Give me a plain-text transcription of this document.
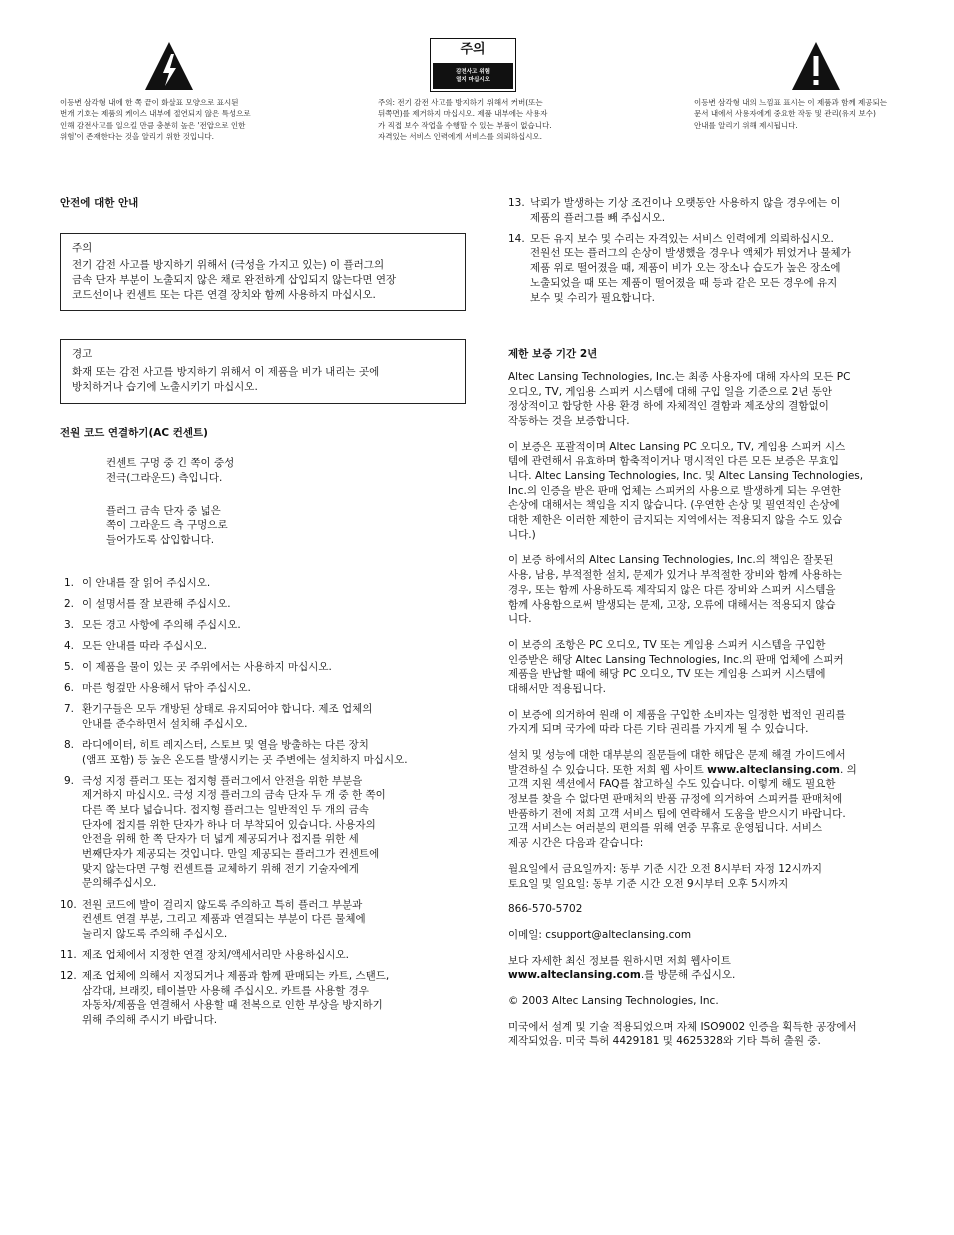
이등변 삼각형 내에 한 쪽 끝이 화살표 모양으로 표시된
번개 기호는 제품의 케이스 내부에 절연되지 않은 특성으로
인해 감전사고를 일으킬 만큼 충분히 높은 '전압으로 인한
위험'이 존재한다는 것을 알리기 위한 것입니다.
주의
감전사고 위험
열지 마십시오
주의: 전기 감전 사고를 방지하기 위해서 커버(또는
뒤쪽면)를 제거하지 마십시오. 제품 내부에는 사용자
가 직접 보수 작업을 수행할 수 있는 부품이 없습니다.
자격있는 서비스 인력에게 서비스를 의뢰하십시오.
이등변 삼각형 내의 느낌표 표시는 이 제품과 함께 제공되는
문서 내에서 사용자에게 중요한 작동 및 관리(유지 보수)
안내를 알리기 위해 제시됩니다.
안전에 대한 안내
주의
전기 감전 사고를 방지하기 위해서 (극성을 가지고 있는) 이 플러그의
금속 단자 부분이 노출되지 않은 채로 완전하게 삽입되지 않는다면 연장
코드선이나 컨센트 또는 다른 연결 장치와 함께 사용하지 마십시오.
경고
화재 또는 감전 사고를 방지하기 위해서 이 제품을 비가 내리는 곳에
방치하거나 습기에 노출시키기 마십시오.
전원 코드 연결하기(AC 컨센트)
컨센트 구멍 중 긴 쪽이 중성
전극(그라운드) 측입니다.
플러그 금속 단자 중 넓은
쪽이 그라운드 측 구멍으로
들어가도록 삽입합니다.
1. 이 안내를 잘 읽어 주십시오.
2. 이 설명서를 잘 보관해 주십시오.
3. 모든 경고 사항에 주의해 주십시오.
4. 모든 안내를 따라 주십시오.
5. 이 제품을 물이 있는 곳 주위에서는 사용하지 마십시오.
6. 마른 헝겊만 사용해서 닦아 주십시오.
7. 환기구들은 모두 개방된 상태로 유지되어야 합니다. 제조 업체의
안내를 준수하면서 설치해 주십시오.
8. 라디에이터, 히트 레지스터, 스토브 및 열을 방출하는 다른 장치
(앰프 포함) 등 높은 온도를 발생시키는 곳 주변에는 설치하지 마십시오.
9. 극성 지정 플러그 또는 접지형 플러그에서 안전을 위한 부분을
제거하지 마십시오. 극성 지정 플러그의 금속 단자 두 개 중 한 쪽이
다른 쪽 보다 넓습니다. 접지형 플러그는 일반적인 두 개의 금속
단자에 접지를 위한 단자가 하나 더 부착되어 있습니다. 사용자의
안전을 위해 한 쪽 단자가 더 넓게 제공되거나 접지를 위한 세
번째단자가 제공되는 것입니다. 만일 제공되는 플러그가 컨센트에
맞지 않는다면 구형 컨센트를 교체하기 위해 전기 기술자에게
문의해주십시오.
10. 전원 코드에 발이 걸리지 않도록 주의하고 특히 플러그 부분과
컨센트 연결 부분, 그리고 제품과 연결되는 부분이 다른 물체에
눌리지 않도록 주의해 주십시오.
11. 제조 업체에서 지정한 연결 장치/액세서리만 사용하십시오.
12. 제조 업체에 의해서 지정되거나 제품과 함께 판매되는 카트, 스탠드,
삼각대, 브래킷, 테이블만 사용해 주십시오. 카트를 사용할 경우
자동차/제품을 연결해서 사용할 때 전복으로 인한 부상을 방지하기
위해 주의해 주시기 바랍니다.
13. 낙뢰가 발생하는 기상 조건이나 오랫동안 사용하지 않을 경우에는 이
제품의 플러그를 빼 주십시오.
14. 모든 유지 보수 및 수리는 자격있는 서비스 인력에게 의뢰하십시오.
전원선 또는 플러그의 손상이 발생했을 경우나 액체가 튀었거나 물체가
제품 위로 떨어졌을 때, 제품이 비가 오는 장소나 습도가 높은 장소에
노출되었을 때 또는 제품이 떨어졌을 때 등과 같은 모든 경우에 유지
보수 및 수리가 필요합니다.
제한 보증 기간 2년
Altec Lansing Technologies, Inc.는 최종 사용자에 대해 자사의 모든 PC
오디오, TV, 게임용 스피커 시스템에 대해 구입 일을 기준으로 2년 동안
정상적이고 합당한 사용 환경 하에 자체적인 결함과 제조상의 결함없이
작동하는 것을 보증합니다.
이 보증은 포괄적이며 Altec Lansing PC 오디오, TV, 게임용 스피커 시스
템에 관련해서 유효하며 함축적이거나 명시적인 다른 모든 보증은 무효입
니다. Altec Lansing Technologies, Inc. 및 Altec Lansing Technologies,
Inc.의 인증을 받은 판매 업체는 스피커의 사용으로 발생하게 되는 우연한
손상에 대해서는 책임을 지지 않습니다. (우연한 손상 및 필연적인 손상에
대한 제한은 이러한 제한이 금지되는 지역에서는 적용되지 않을 수도 있습
니다.)
이 보증 하에서의 Altec Lansing Technologies, Inc.의 책임은 잘못된
사용, 남용, 부적절한 설치, 문제가 있거나 부적절한 장비와 함께 사용하는
경우, 또는 함께 사용하도록 제작되지 않은 다른 장비와 스피커 시스템을
함께 사용함으로써 발생되는 문제, 고장, 오류에 대해서는 적용되지 않습
니다.
이 보증의 조항은 PC 오디오, TV 또는 게임용 스피커 시스템을 구입한
인증받은 해당 Altec Lansing Technologies, Inc.의 판매 업체에 스피커
제품을 반납할 때에 해당 PC 오디오, TV 또는 게임용 스피커 시스템에
대해서만 적용됩니다.
이 보증에 의거하여 원래 이 제품을 구입한 소비자는 일정한 법적인 권리를
가지게 되며 국가에 따라 다른 기타 권리를 가지게 될 수 있습니다.
설치 및 성능에 대한 대부분의 질문들에 대한 해답은 문제 해결 가이드에서
발견하실 수 있습니다. 또한 저희 웹 사이트 www.alteclansing.com. 의
고객 지원 섹션에서 FAQ를 참고하실 수도 있습니다. 이렇게 해도 필요한
정보를 찾을 수 없다면 판매처의 반품 규정에 의거하여 스피커를 판매처에
반품하기 전에 저희 고객 서비스 팀에 연락해서 도움을 받으시기 바랍니다.
고객 서비스는 여러분의 편의를 위해 연중 무휴로 운영됩니다. 서비스
제공 시간은 다음과 같습니다:
월요일에서 금요일까지: 동부 기준 시간 오전 8시부터 자정 12시까지
토요일 및 일요일: 동부 기준 시간 오전 9시부터 오후 5시까지
866-570-5702
이메일: csupport@alteclansing.com
보다 자세한 최신 정보를 원하시면 저희 웹사이트
www.alteclansing.com.를 방문해 주십시오.
© 2003 Altec Lansing Technologies, Inc.
미국에서 설계 및 기술 적용되었으며 자체 ISO9002 인증을 획득한 공장에서
제작되었음. 미국 특허 4429181 및 4625328와 기타 특허 출원 중.
